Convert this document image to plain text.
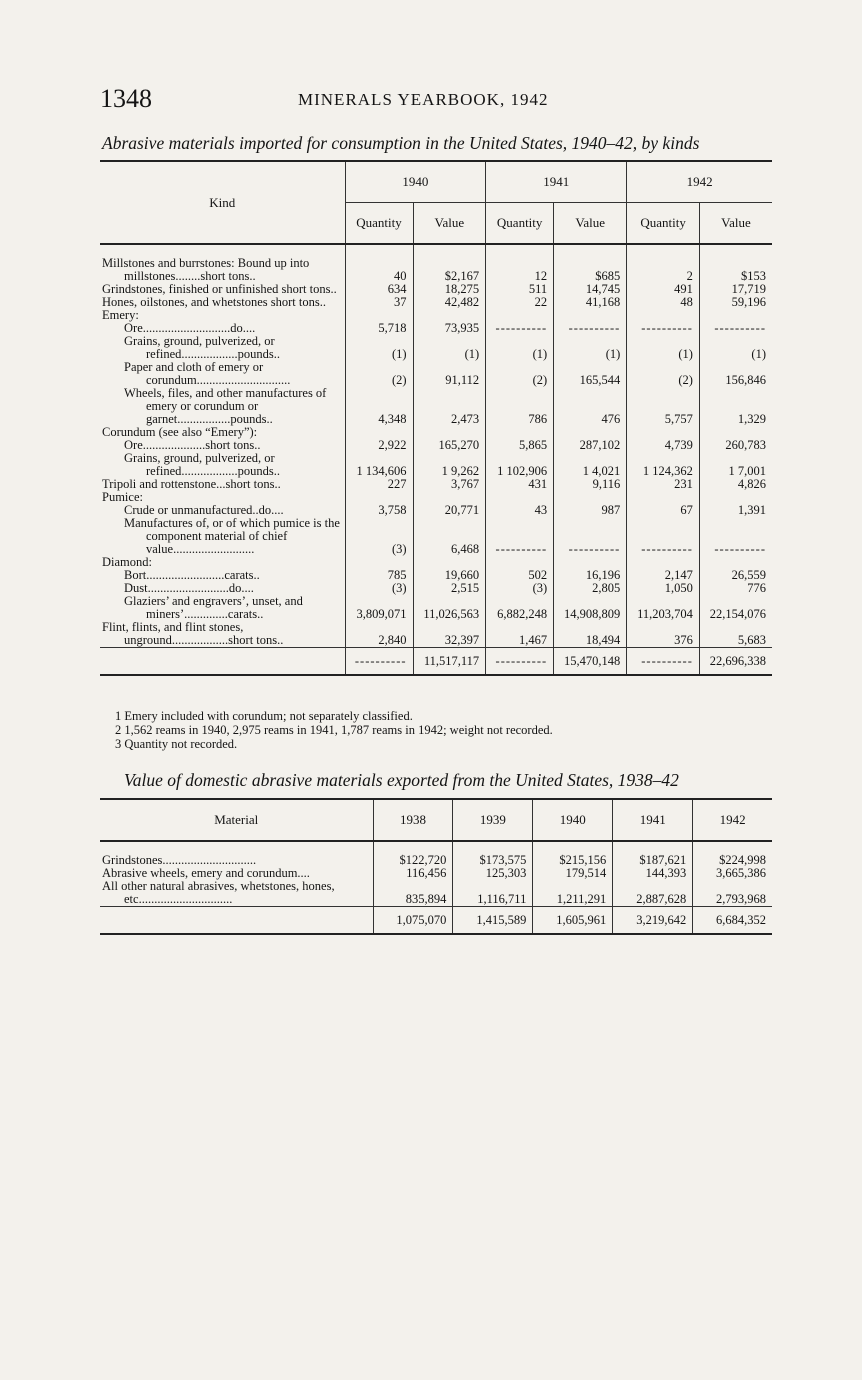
1348	MINERALS YEARBOOK, 1942
Abrasive materials imported for consumption in the United States, 1940–42, by kinds
Kind	1940		1941		1942	
	Quantity	Value	Quantity	Value	Quantity	Value

Millstones and burrstones: Bound up into millstones........short tons..	40	$2,167	12	$685	2	$153

Grindstones, finished or unfinished short tons..	634	18,275	511	14,745	491	17,719

Hones, oilstones, and whetstones short tons..	37	42,482	22	41,168	48	59,196

Emery:						

Ore............................do....	5,718	73,935	----------	----------	----------	----------

Grains, ground, pulverized, or refined..................pounds..	(1)	(1)	(1)	(1)	(1)	(1)

Paper and cloth of emery or corundum..............................	(2)	91,112	(2)	165,544	(2)	156,846

Wheels, files, and other manufactures of emery or corundum or garnet.................pounds..	4,348	2,473	786	476	5,757	1,329

Corundum (see also “Emery”):						

Ore....................short tons..	2,922	165,270	5,865	287,102	4,739	260,783

Grains, ground, pulverized, or refined..................pounds..	1 134,606	1 9,262	1 102,906	1 4,021	1 124,362	1 7,001

Tripoli and rottenstone...short tons..	227	3,767	431	9,116	231	4,826

Pumice:						

Crude or unmanufactured..do....	3,758	20,771	43	987	67	1,391

Manufactures of, or of which pumice is the component material of chief value..........................	(3)	6,468	----------	----------	----------	----------

Diamond:						

Bort.........................carats..	785	19,660	502	16,196	2,147	26,559

Dust..........................do....	(3)	2,515	(3)	2,805	1,050	776

Glaziers’ and engravers’, unset, and miners’..............carats..	3,809,071	11,026,563	6,882,248	14,908,809	11,203,704	22,154,076

Flint, flints, and flint stones, unground..................short tons..	2,840	32,397	1,467	18,494	376	5,683
	----------	11,517,117	----------	15,470,148	----------	22,696,338
1 Emery included with corundum; not separately classified.
2 1,562 reams in 1940, 2,975 reams in 1941, 1,787 reams in 1942; weight not recorded.
3 Quantity not recorded.
Value of domestic abrasive materials exported from the United States, 1938–42
Material	1938	1939	1940	1941	1942

Grindstones..............................	$122,720	$173,575	$215,156	$187,621	$224,998

Abrasive wheels, emery and corundum....	116,456	125,303	179,514	144,393	3,665,386

All other natural abrasives, whetstones, hones, etc..............................	835,894	1,116,711	1,211,291	2,887,628	2,793,968
	1,075,070	1,415,589	1,605,961	3,219,642	6,684,352
